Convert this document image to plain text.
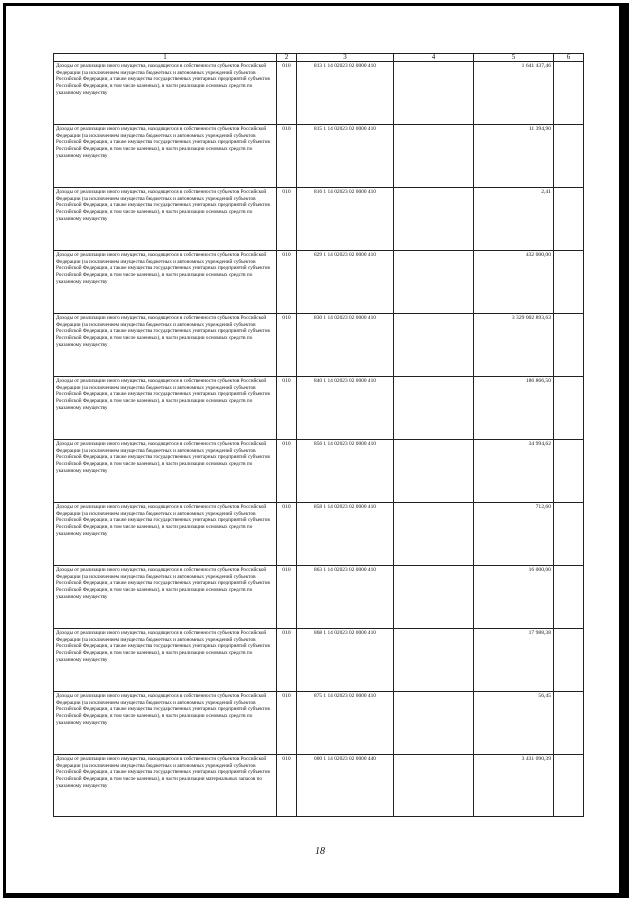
1	2	3	4	5	6
Доходы от реализации иного имущества, находящегося в собственности субъектов Российской Федерации (за исключением имущества бюджетных и автономных учреждений субъектов Российской Федерации, а также имущества государственных унитарных предприятий субъектов Российской Федерации, в том числе казенных), в части реализации основных средств по указанному имуществу	010	813 1 14 02023 02 0000 410		1 641 437,46	
Доходы от реализации иного имущества, находящегося в собственности субъектов Российской Федерации (за исключением имущества бюджетных и автономных учреждений субъектов Российской Федерации, а также имущества государственных унитарных предприятий субъектов Российской Федерации, в том числе казенных), в части реализации основных средств по указанному имуществу	010	815 1 14 02023 02 0000 410		11 394,90	
Доходы от реализации иного имущества, находящегося в собственности субъектов Российской Федерации (за исключением имущества бюджетных и автономных учреждений субъектов Российской Федерации, а также имущества государственных унитарных предприятий субъектов Российской Федерации, в том числе казенных), в части реализации основных средств по указанному имуществу	010	816 1 14 02023 02 0000 410		2,41	
Доходы от реализации иного имущества, находящегося в собственности субъектов Российской Федерации (за исключением имущества бюджетных и автономных учреждений субъектов Российской Федерации, а также имущества государственных унитарных предприятий субъектов Российской Федерации, в том числе казенных), в части реализации основных средств по указанному имуществу	010	829 1 14 02023 02 0000 410		432 000,00	
Доходы от реализации иного имущества, находящегося в собственности субъектов Российской Федерации (за исключением имущества бюджетных и автономных учреждений субъектов Российской Федерации, а также имущества государственных унитарных предприятий субъектов Российской Федерации, в том числе казенных), в части реализации основных средств по указанному имуществу	010	830 1 14 02023 02 0000 410		3 329 002 893,63	
Доходы от реализации иного имущества, находящегося в собственности субъектов Российской Федерации (за исключением имущества бюджетных и автономных учреждений субъектов Российской Федерации, а также имущества государственных унитарных предприятий субъектов Российской Федерации, в том числе казенных), в части реализации основных средств по указанному имуществу	010	840 1 14 02023 02 0000 410		186 866,50	
Доходы от реализации иного имущества, находящегося в собственности субъектов Российской Федерации (за исключением имущества бюджетных и автономных учреждений субъектов Российской Федерации, а также имущества государственных унитарных предприятий субъектов Российской Федерации, в том числе казенных), в части реализации основных средств по указанному имуществу	010	856 1 14 02023 02 0000 410		34 994,62	
Доходы от реализации иного имущества, находящегося в собственности субъектов Российской Федерации (за исключением имущества бюджетных и автономных учреждений субъектов Российской Федерации, а также имущества государственных унитарных предприятий субъектов Российской Федерации, в том числе казенных), в части реализации основных средств по указанному имуществу	010	858 1 14 02023 02 0000 410		712,60	
Доходы от реализации иного имущества, находящегося в собственности субъектов Российской Федерации (за исключением имущества бюджетных и автономных учреждений субъектов Российской Федерации, а также имущества государственных унитарных предприятий субъектов Российской Федерации, в том числе казенных), в части реализации основных средств по указанному имуществу	010	863 1 14 02023 02 0000 410		16 000,00	
Доходы от реализации иного имущества, находящегося в собственности субъектов Российской Федерации (за исключением имущества бюджетных и автономных учреждений субъектов Российской Федерации, а также имущества государственных унитарных предприятий субъектов Российской Федерации, в том числе казенных), в части реализации основных средств по указанному имуществу	010	868 1 14 02023 02 0000 410		17 988,38	
Доходы от реализации иного имущества, находящегося в собственности субъектов Российской Федерации (за исключением имущества бюджетных и автономных учреждений субъектов Российской Федерации, а также имущества государственных унитарных предприятий субъектов Российской Федерации, в том числе казенных), в части реализации основных средств по указанному имуществу	010	875 1 14 02023 02 0000 410		56,45	
Доходы от реализации иного имущества, находящегося в собственности субъектов Российской Федерации (за исключением имущества бюджетных и автономных учреждений субъектов Российской Федерации, а также имущества государственных унитарных предприятий субъектов Российской Федерации, в том числе казенных), в части реализации материальных запасов по указанному имуществу	010	000 1 14 02023 02 0000 440		3 431 090,39	
18
